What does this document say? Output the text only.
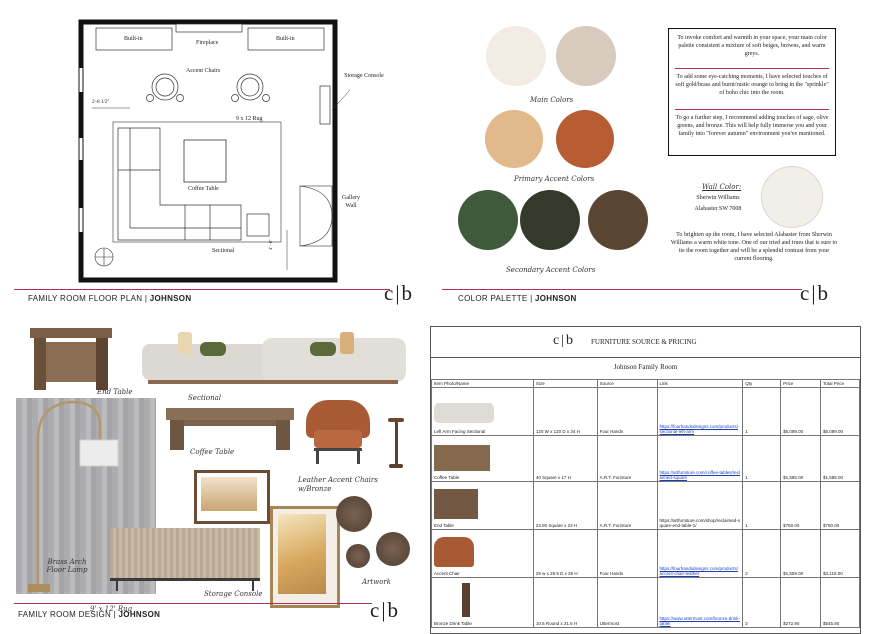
Built-in
Fireplace
Built-in
Accent Chairs
Storage Console
2'-8 1/2"
9 x 12 Rug
Coffee Table
Gallery Wall
Sectional
4' - 8"
FAMILY ROOM FLOOR PLAN | JOHNSON	c|b
Main Colors
Primary Accent Colors
Secondary Accent Colors
To invoke comfort and warmth in your space, your main color palette consistent a mixture of soft beiges, browns, and warm greys.
To add some eye-catching moments, I have selected touches of soft gold/brass and burnt/rustic orange to bring in the "sprinkle" of boho chic into the room.
To go a further step, I recommend adding touches of sage, olive greens, and bronze. This will help fully immerse you and your family into "forever autumn" environment you've mentioned.
Wall Color:
Sherwin Williams
Alabaster SW 7008
To brighten up the room, I have selected Alabaster from Sherwin Williams a warm white tone. One of our tried and trues that is sure to tie the room together and will be a splendid contrast from your current flooring.
COLOR PALETTE | JOHNSON	c|b
End Table
Sectional
Brass Arch Floor Lamp
9' x 12' Rug
Coffee Table
Leather Accent Chairs w/Bronze
Artwork
Storage Console
FAMILY ROOM DESIGN | JOHNSON	c|b
c|b FURNITURE SOURCE & PRICING
Johnson Family Room
Item Photo/Name	Size	Source	Link	Qty	Price	Total Price

Left Arm Facing Sectional	120 W x 120 D x 34 H	Four Hands	https://fourhandsdesigns.com/products/sectional-left-arm	1	$5,089.00	$5,089.00

Coffee Table	40 Square x 17 H	A.R.T. Furniture	https://artfurniture.com/coffee-tables/reclaimed-square	1	$1,585.00	$1,585.00

End Table	23.80 Square x 23 H	A.R.T. Furniture	https://artfurniture.com/shop/reclaimed-square-end-table-1/	1	$760.00	$760.00

Accent Chair	29 w x 29.5 D x 26 H	Four Hands	https://fourhandsdesigns.com/products/accent-chair-leather	2	$1,559.00	$3,118.00

Bronze Drink Table	10.5 Round x 21.6 H	Uttermost	https://www.uttermost.com/bronze-drink-table/	2	$272.90	$545.80
